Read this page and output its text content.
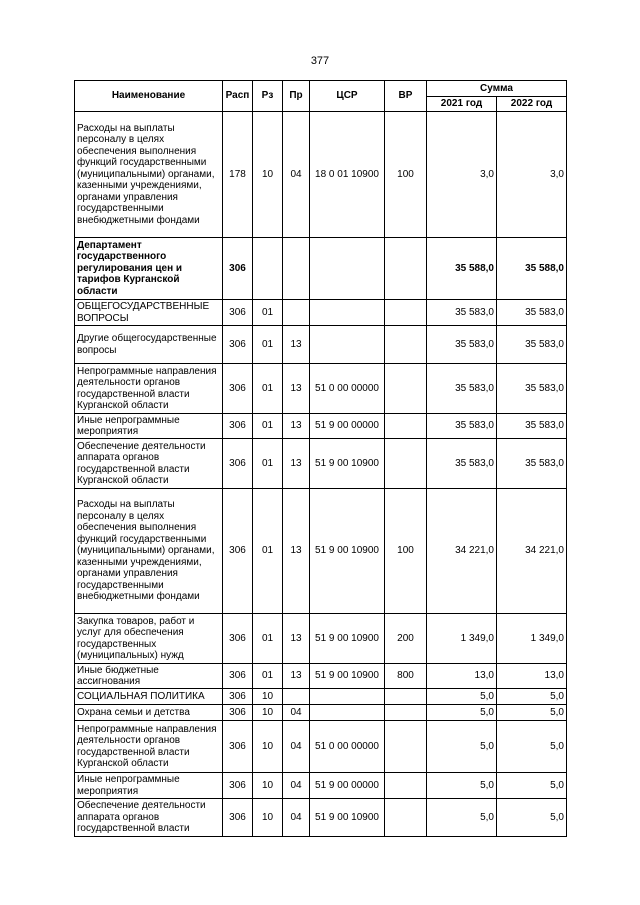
377
Наименование	Расп	Рз	Пр	ЦСР	ВР	Сумма	
						2021 год	2022 год
Расходы на выплаты персоналу в целях обеспечения выполнения функций государственными (муниципальными) органами, казенными учреждениями, органами управления государственными внебюджетными фондами	178	10	04	18 0 01 10900	100	3,0	3,0
Департамент государственного регулирования цен и тарифов Курганской области	306					35 588,0	35 588,0
ОБЩЕГОСУДАРСТВЕННЫЕ ВОПРОСЫ	306	01				35 583,0	35 583,0
Другие общегосударственные вопросы	306	01	13			35 583,0	35 583,0
Непрограммные направления деятельности органов государственной власти Курганской области	306	01	13	51 0 00 00000		35 583,0	35 583,0
Иные непрограммные мероприятия	306	01	13	51 9 00 00000		35 583,0	35 583,0
Обеспечение деятельности аппарата органов государственной власти Курганской области	306	01	13	51 9 00 10900		35 583,0	35 583,0
Расходы на выплаты персоналу в целях обеспечения выполнения функций государственными (муниципальными) органами, казенными учреждениями, органами управления государственными внебюджетными фондами	306	01	13	51 9 00 10900	100	34 221,0	34 221,0
Закупка товаров, работ и услуг для обеспечения государственных (муниципальных) нужд	306	01	13	51 9 00 10900	200	1 349,0	1 349,0
Иные бюджетные ассигнования	306	01	13	51 9 00 10900	800	13,0	13,0
СОЦИАЛЬНАЯ ПОЛИТИКА	306	10				5,0	5,0
Охрана семьи и детства	306	10	04			5,0	5,0
Непрограммные направления деятельности органов государственной власти Курганской области	306	10	04	51 0 00 00000		5,0	5,0
Иные непрограммные мероприятия	306	10	04	51 9 00 00000		5,0	5,0
Обеспечение деятельности аппарата органов государственной власти	306	10	04	51 9 00 10900		5,0	5,0
